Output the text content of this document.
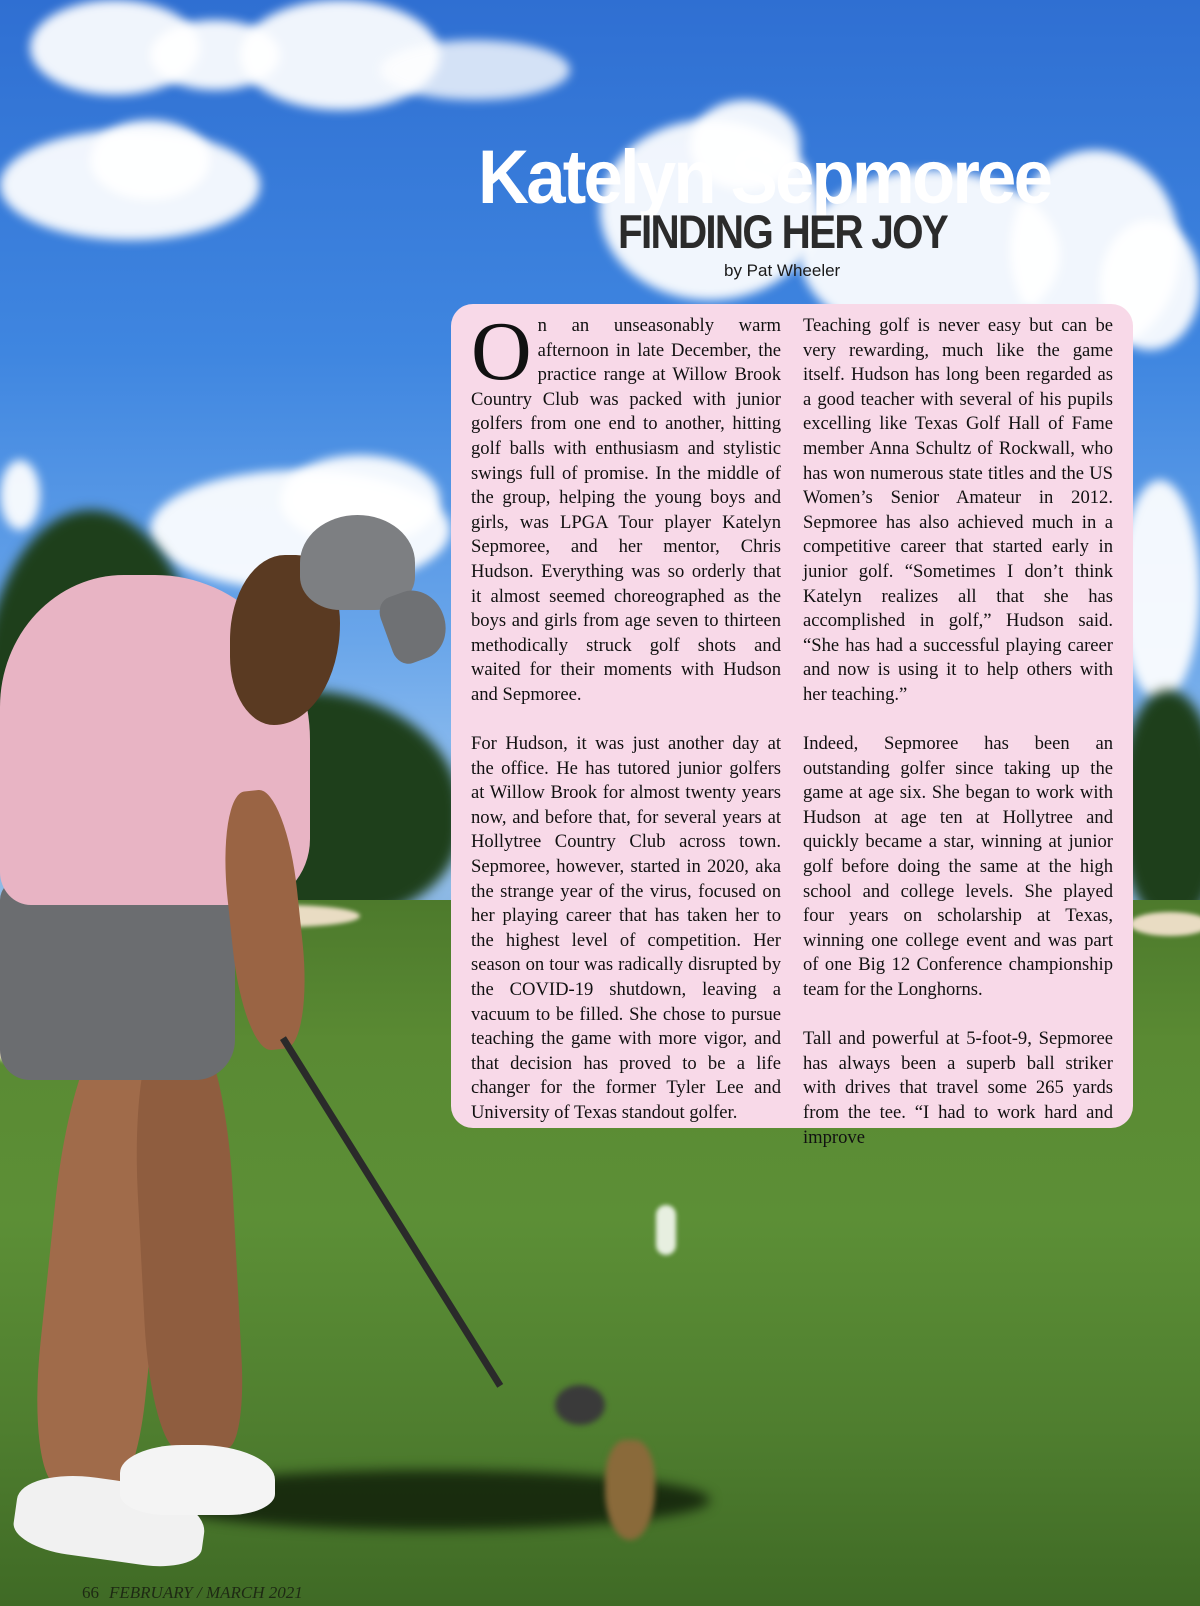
Katelyn Sepmoree
FINDING HER JOY
by Pat Wheeler

On an unseasonably warm afternoon in late December, the practice range at Willow Brook Country Club was packed with junior golfers from one end to another, hitting golf balls with enthusiasm and stylistic swings full of promise. In the middle of the group, helping the young boys and girls, was LPGA Tour player Katelyn Sepmoree, and her mentor, Chris Hudson. Everything was so orderly that it almost seemed choreographed as the boys and girls from age seven to thirteen methodically struck golf shots and waited for their moments with Hudson and Sepmoree.

For Hudson, it was just another day at the office. He has tutored junior golfers at Willow Brook for almost twenty years now, and before that, for several years at Hollytree Country Club across town. Sepmoree, however, started in 2020, aka the strange year of the virus, focused on her playing career that has taken her to the highest level of competition. Her season on tour was radically disrupted by the COVID-19 shutdown, leaving a vacuum to be filled. She chose to pursue teaching the game with more vigor, and that decision has proved to be a life changer for the former Tyler Lee and University of Texas standout golfer.

Teaching golf is never easy but can be very rewarding, much like the game itself. Hudson has long been regarded as a good teacher with several of his pupils excelling like Texas Golf Hall of Fame member Anna Schultz of Rockwall, who has won numerous state titles and the US Women’s Senior Amateur in 2012. Sepmoree has also achieved much in a competitive career that started early in junior golf. “Sometimes I don’t think Katelyn realizes all that she has accomplished in golf,” Hudson said. “She has had a successful playing career and now is using it to help others with her teaching.”

Indeed, Sepmoree has been an outstanding golfer since taking up the game at age six. She began to work with Hudson at age ten at Hollytree and quickly became a star, winning at junior golf before doing the same at the high school and college levels. She played four years on scholarship at Texas, winning one college event and was part of one Big 12 Conference championship team for the Longhorns.

Tall and powerful at 5-foot-9, Sepmoree has always been a superb ball striker with drives that travel some 265 yards from the tee. “I had to work hard and improve

66 FEBRUARY / MARCH 2021
